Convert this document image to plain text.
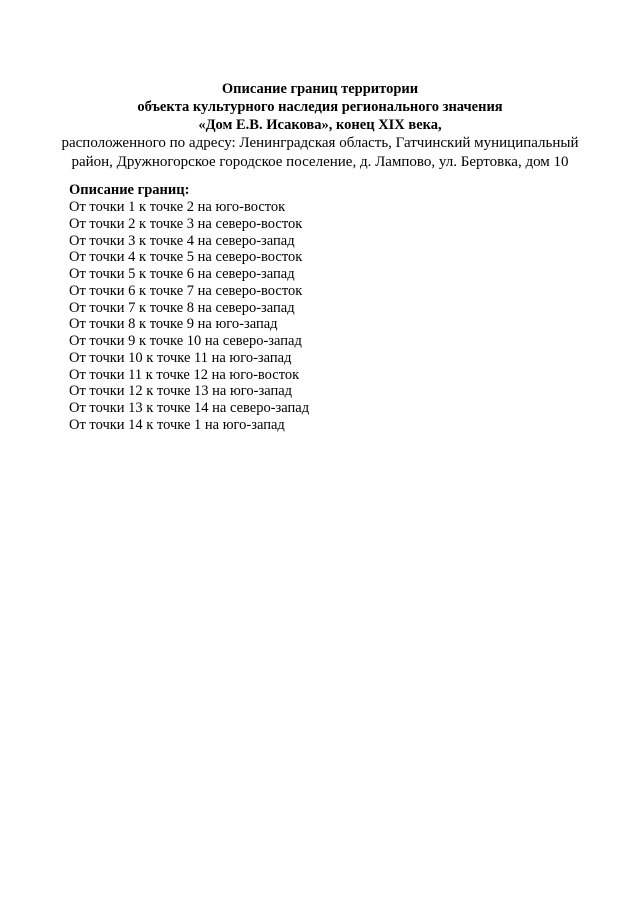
Описание границ территории
объекта культурного наследия регионального значения
«Дом Е.В. Исакова», конец XIX века,
расположенного по адресу: Ленинградская область, Гатчинский муниципальный
район, Дружногорское городское поселение, д. Лампово, ул. Бертовка, дом 10

Описание границ:

От точки 1 к точке 2 на юго-восток
От точки 2 к точке 3 на северо-восток
От точки 3 к точке 4 на северо-запад
От точки 4 к точке 5 на северо-восток
От точки 5 к точке 6 на северо-запад
От точки 6 к точке 7 на северо-восток
От точки 7 к точке 8 на северо-запад
От точки 8 к точке 9 на юго-запад
От точки 9 к точке 10 на северо-запад
От точки 10 к точке 11 на юго-запад
От точки 11 к точке 12 на юго-восток
От точки 12 к точке 13 на юго-запад
От точки 13 к точке 14 на северо-запад
От точки 14 к точке 1 на юго-запад
